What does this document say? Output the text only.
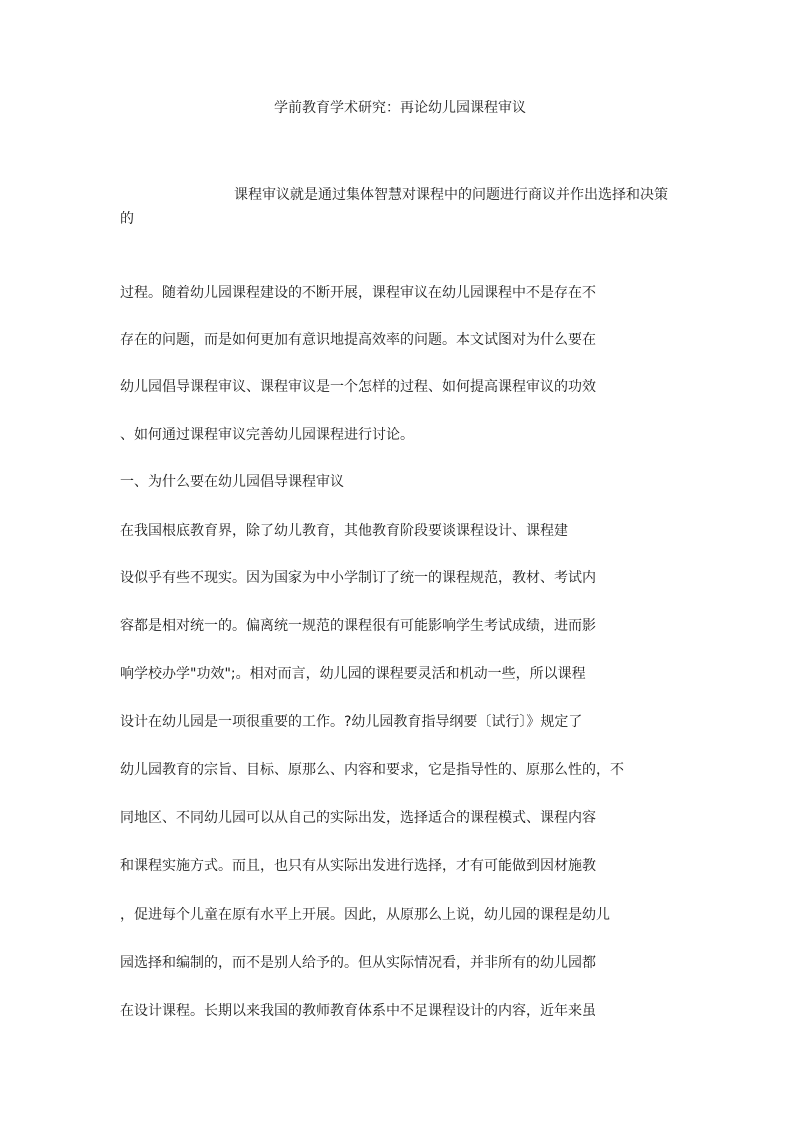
学前教育学术研究：再论幼儿园课程审议
课程审议就是通过集体智慧对课程中的问题进行商议并作出选择和决策
的
过程。随着幼儿园课程建设的不断开展，课程审议在幼儿园课程中不是存在不
存在的问题，而是如何更加有意识地提高效率的问题。本文试图对为什么要在
幼儿园倡导课程审议、课程审议是一个怎样的过程、如何提高课程审议的功效
、如何通过课程审议完善幼儿园课程进行讨论。
一、为什么要在幼儿园倡导课程审议
在我国根底教育界，除了幼儿教育，其他教育阶段要谈课程设计、课程建
设似乎有些不现实。因为国家为中小学制订了统一的课程规范，教材、考试内
容都是相对统一的。偏离统一规范的课程很有可能影响学生考试成绩，进而影
响学校办学"功效";。相对而言，幼儿园的课程要灵活和机动一些，所以课程
设计在幼儿园是一项很重要的工作。?幼儿园教育指导纲要〔试行〕》规定了
幼儿园教育的宗旨、目标、原那么、内容和要求，它是指导性的、原那么性的，不
同地区、不同幼儿园可以从自己的实际出发，选择适合的课程模式、课程内容
和课程实施方式。而且，也只有从实际出发进行选择，才有可能做到因材施教
，促进每个儿童在原有水平上开展。因此，从原那么上说，幼儿园的课程是幼儿
园选择和编制的，而不是别人给予的。但从实际情况看，并非所有的幼儿园都
在设计课程。长期以来我国的教师教育体系中不足课程设计的内容，近年来虽
